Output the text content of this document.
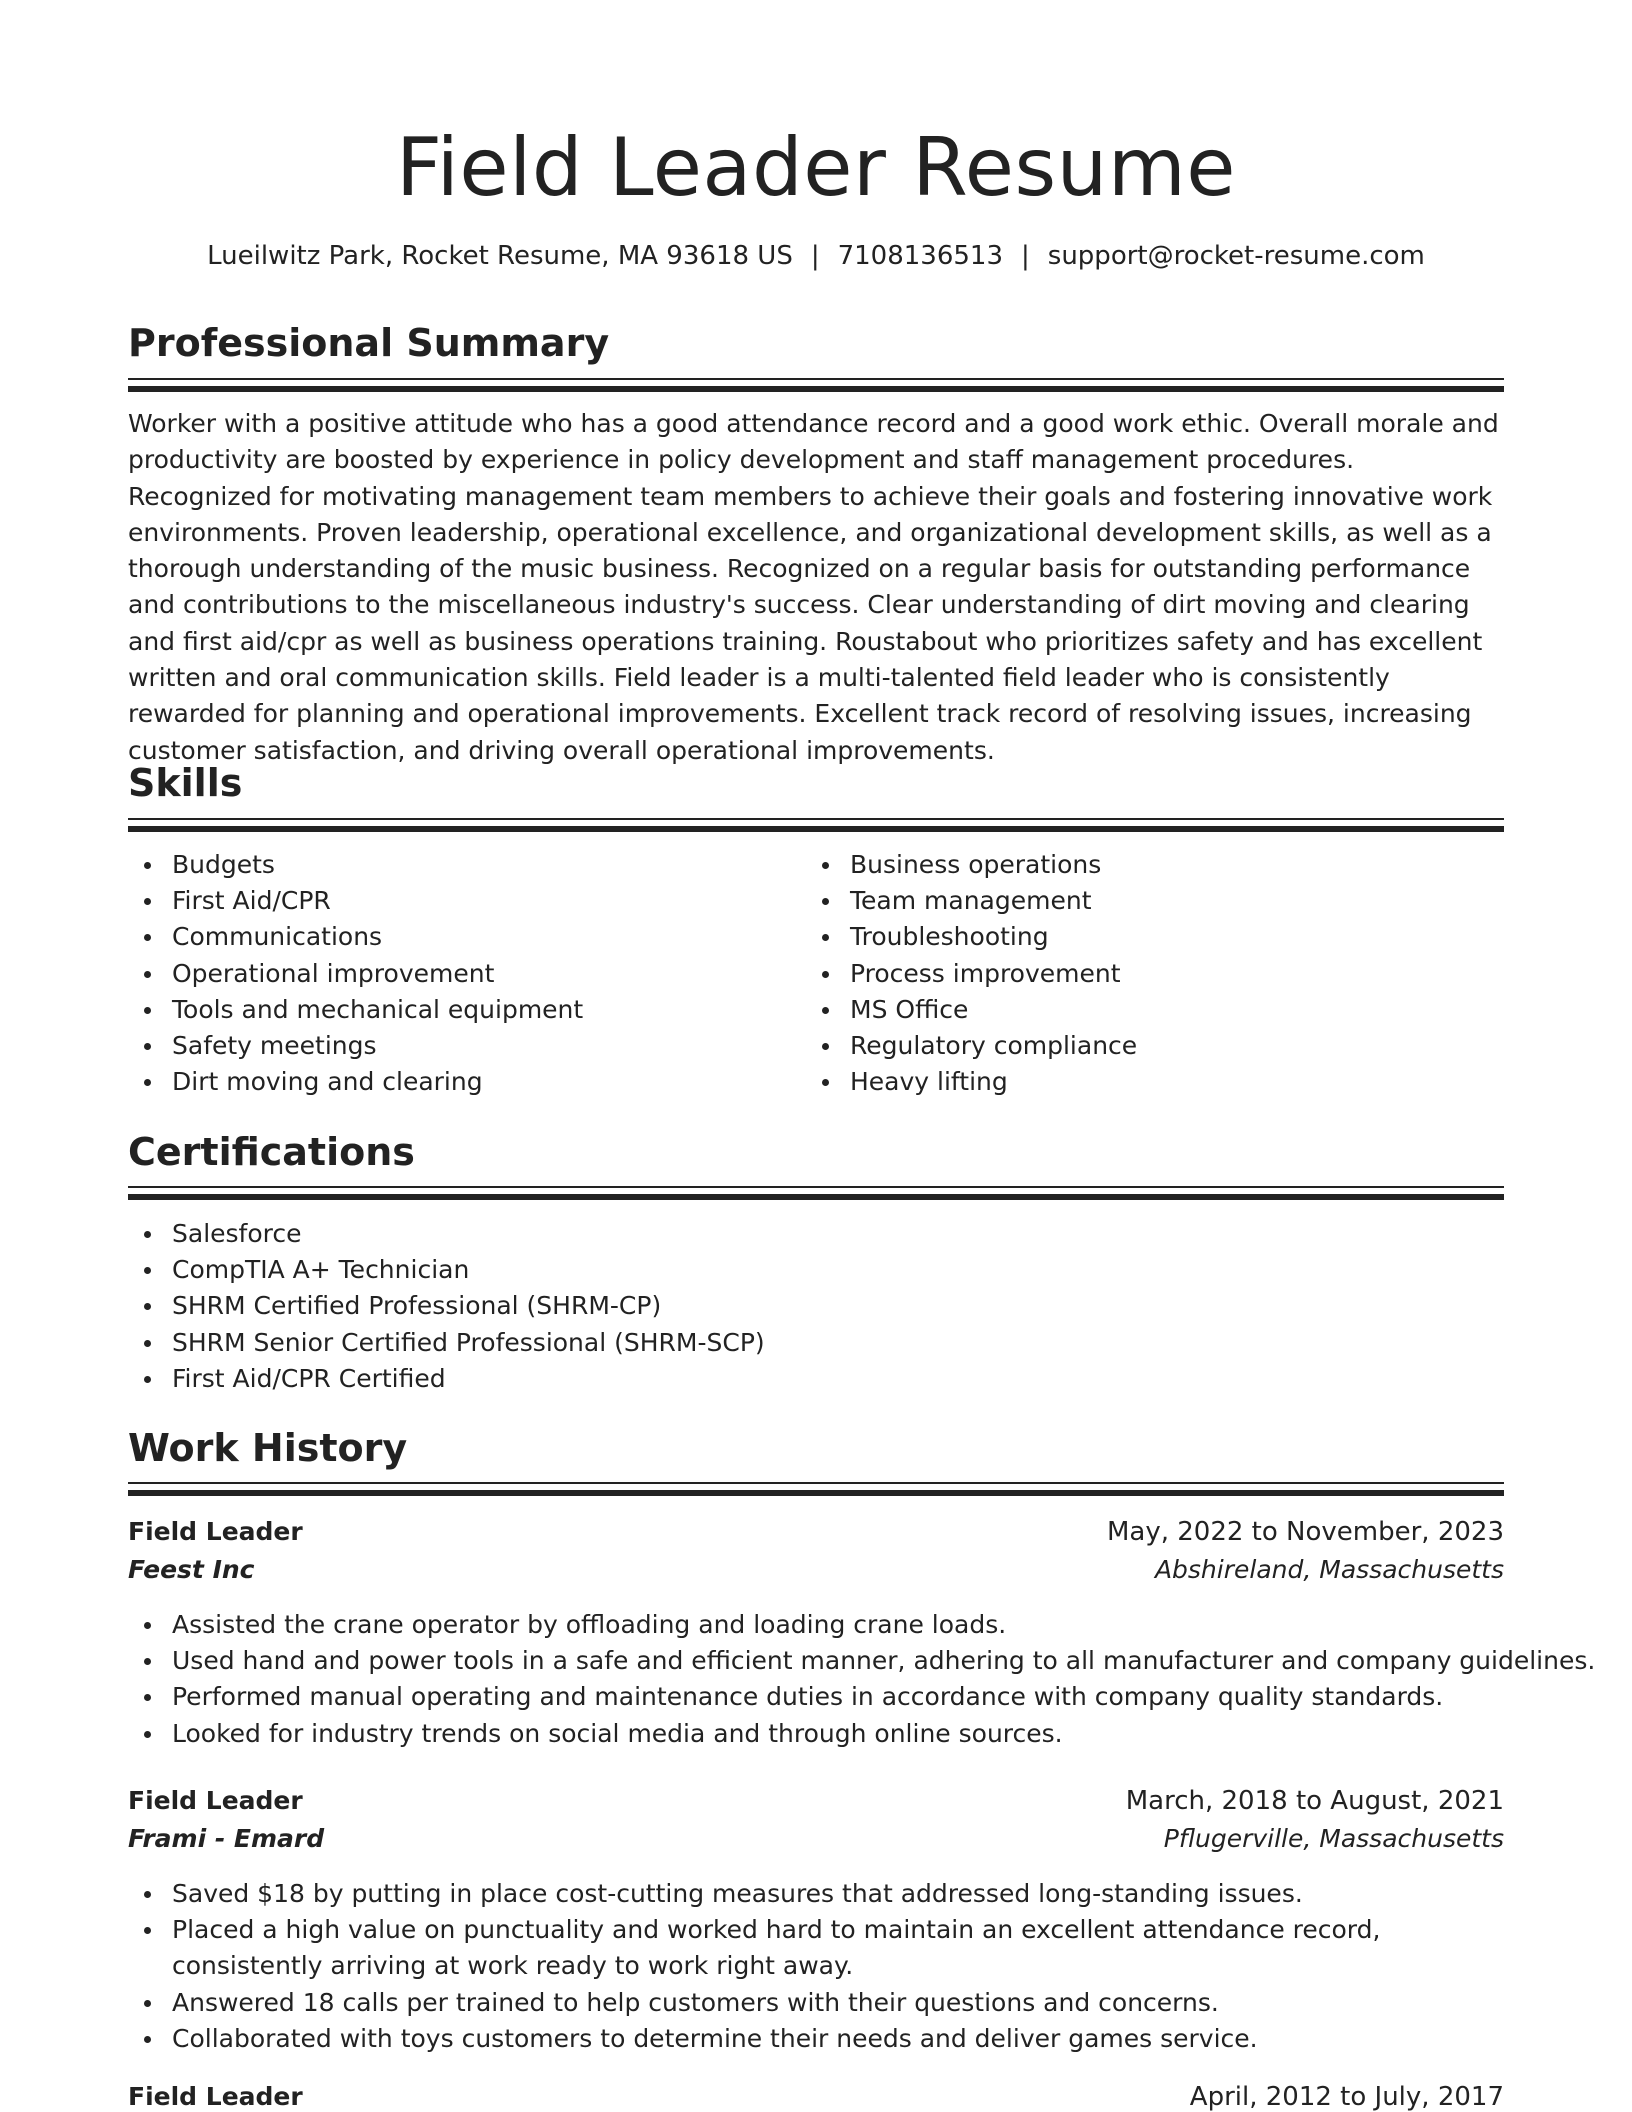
Field Leader Resume
Lueilwitz Park, Rocket Resume, MA 93618 US | 7108136513 | support@rocket-resume.com
Professional Summary

Worker with a positive attitude who has a good attendance record and a good work ethic. Overall morale and productivity are boosted by experience in policy development and staff management procedures. Recognized for motivating management team members to achieve their goals and fostering innovative work environments. Proven leadership, operational excellence, and organizational development skills, as well as a thorough understanding of the music business. Recognized on a regular basis for outstanding performance and contributions to the miscellaneous industry's success. Clear understanding of dirt moving and clearing and first aid/cpr as well as business operations training. Roustabout who prioritizes safety and has excellent written and oral communication skills. Field leader is a multi-talented field leader who is consistently rewarded for planning and operational improvements. Excellent track record of resolving issues, increasing customer satisfaction, and driving overall operational improvements.

Skills
Budgets
First Aid/CPR
Communications
Operational improvement
Tools and mechanical equipment
Safety meetings
Dirt moving and clearing
Business operations
Team management
Troubleshooting
Process improvement
MS Office
Regulatory compliance
Heavy lifting
Certifications
Salesforce
CompTIA A+ Technician
SHRM Certified Professional (SHRM-CP)
SHRM Senior Certified Professional (SHRM-SCP)
First Aid/CPR Certified
Work History
Field Leader	May, 2022 to November, 2023
Feest Inc	Abshireland, Massachusetts
Assisted the crane operator by offloading and loading crane loads.
Used hand and power tools in a safe and efficient manner, adhering to all manufacturer and company guidelines.
Performed manual operating and maintenance duties in accordance with company quality standards.
Looked for industry trends on social media and through online sources.
Field Leader	March, 2018 to August, 2021
Frami - Emard	Pflugerville, Massachusetts
Saved $18 by putting in place cost-cutting measures that addressed long-standing issues.
Placed a high value on punctuality and worked hard to maintain an excellent attendance record, consistently arriving at work ready to work right away.
Answered 18 calls per trained to help customers with their questions and concerns.
Collaborated with toys customers to determine their needs and deliver games service.
Field Leader	April, 2012 to July, 2017
